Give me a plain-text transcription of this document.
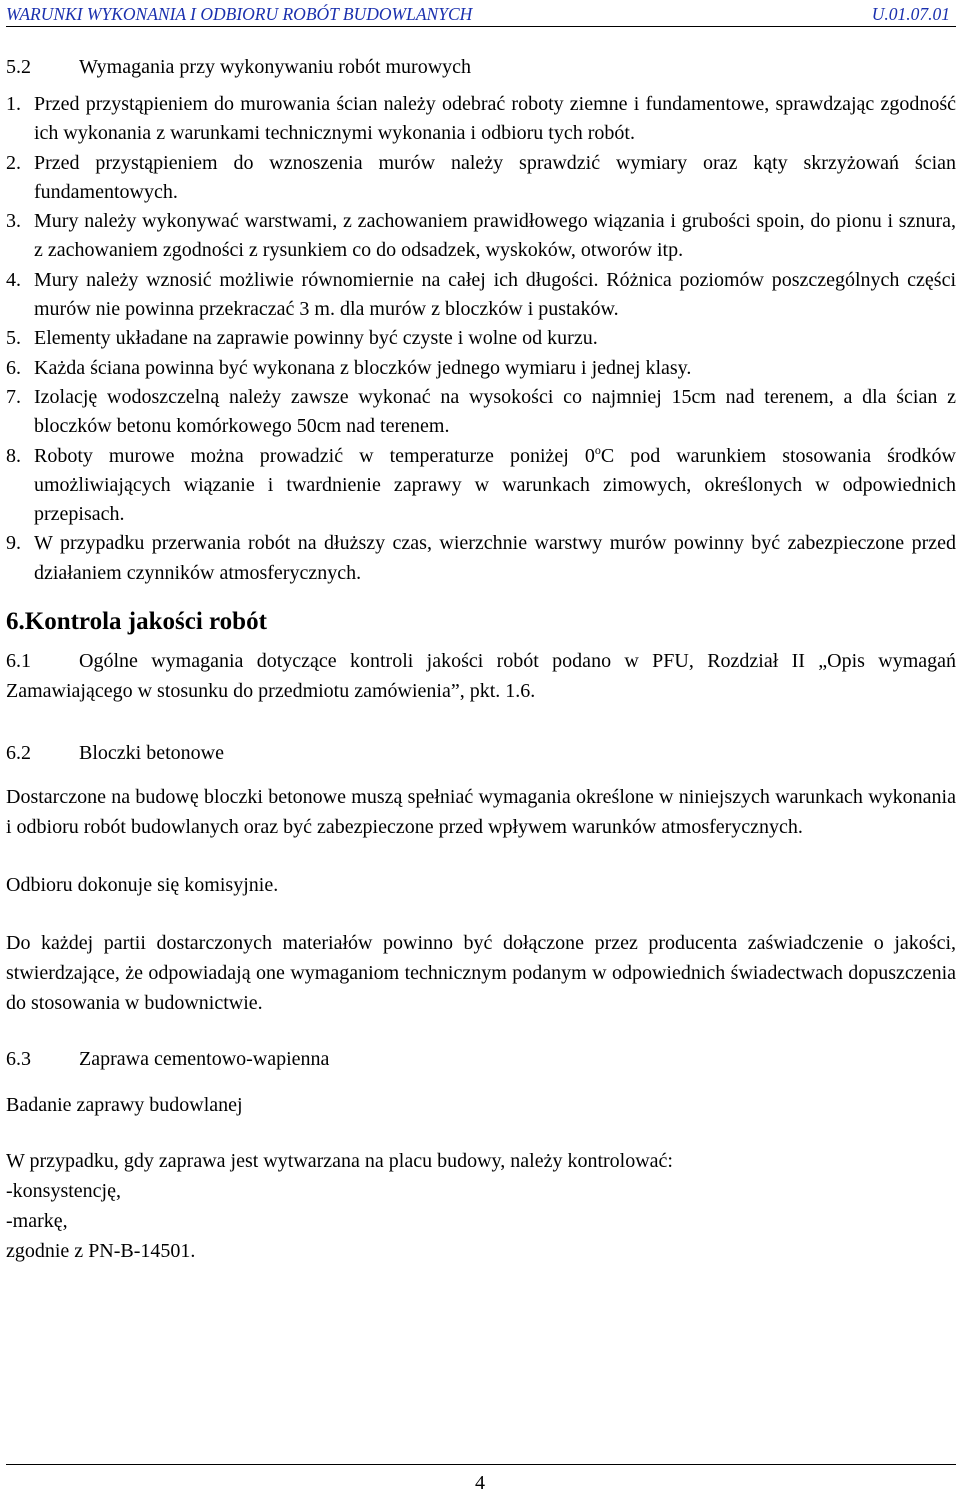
WARUNKI WYKONANIA I ODBIORU ROBÓT BUDOWLANYCH	U.01.07.01
5.2 Wymagania przy wykonywaniu robót murowych
1. Przed przystąpieniem do murowania ścian należy odebrać roboty ziemne i fundamentowe, sprawdzając zgodność ich wykonania z warunkami technicznymi wykonania i odbioru tych robót.
2. Przed przystąpieniem do wznoszenia murów należy sprawdzić wymiary oraz kąty skrzyżowań ścian fundamentowych.
3. Mury należy wykonywać warstwami, z zachowaniem prawidłowego wiązania i grubości spoin, do pionu i sznura, z zachowaniem zgodności z rysunkiem co do odsadzek, wyskoków, otworów itp.
4. Mury należy wznosić możliwie równomiernie na całej ich długości. Różnica poziomów poszczególnych części murów nie powinna przekraczać 3 m. dla murów z bloczków i pustaków.
5. Elementy układane na zaprawie powinny być czyste i wolne od kurzu.
6. Każda ściana powinna być wykonana z bloczków jednego wymiaru i jednej klasy.
7. Izolację wodoszczelną należy zawsze wykonać na wysokości co najmniej 15cm nad terenem, a dla ścian z bloczków betonu komórkowego 50cm nad terenem.
8. Roboty murowe można prowadzić w temperaturze poniżej 0$^o$C pod warunkiem stosowania środków umożliwiających wiązanie i twardnienie zaprawy w warunkach zimowych, określonych w odpowiednich przepisach.
9. W przypadku przerwania robót na dłuższy czas, wierzchnie warstwy murów powinny być zabezpieczone przed działaniem czynników atmosferycznych.
6.Kontrola jakości robót
6.1 Ogólne wymagania dotyczące kontroli jakości robót podano w PFU, Rozdział II „Opis wymagań Zamawiającego w stosunku do przedmiotu zamówienia”, pkt. 1.6.
6.2 Bloczki betonowe
Dostarczone na budowę bloczki betonowe muszą spełniać wymagania określone w niniejszych warunkach wykonania i odbioru robót budowlanych oraz być zabezpieczone przed wpływem warunków atmosferycznych.
Odbioru dokonuje się komisyjnie.
Do każdej partii dostarczonych materiałów powinno być dołączone przez producenta zaświadczenie o jakości, stwierdzające, że odpowiadają one wymaganiom technicznym podanym w odpowiednich świadectwach dopuszczenia do stosowania w budownictwie.
6.3 Zaprawa cementowo-wapienna
Badanie zaprawy budowlanej
W przypadku, gdy zaprawa jest wytwarzana na placu budowy, należy kontrolować:
-konsystencję,
-markę,
zgodnie z PN-B-14501.
4
